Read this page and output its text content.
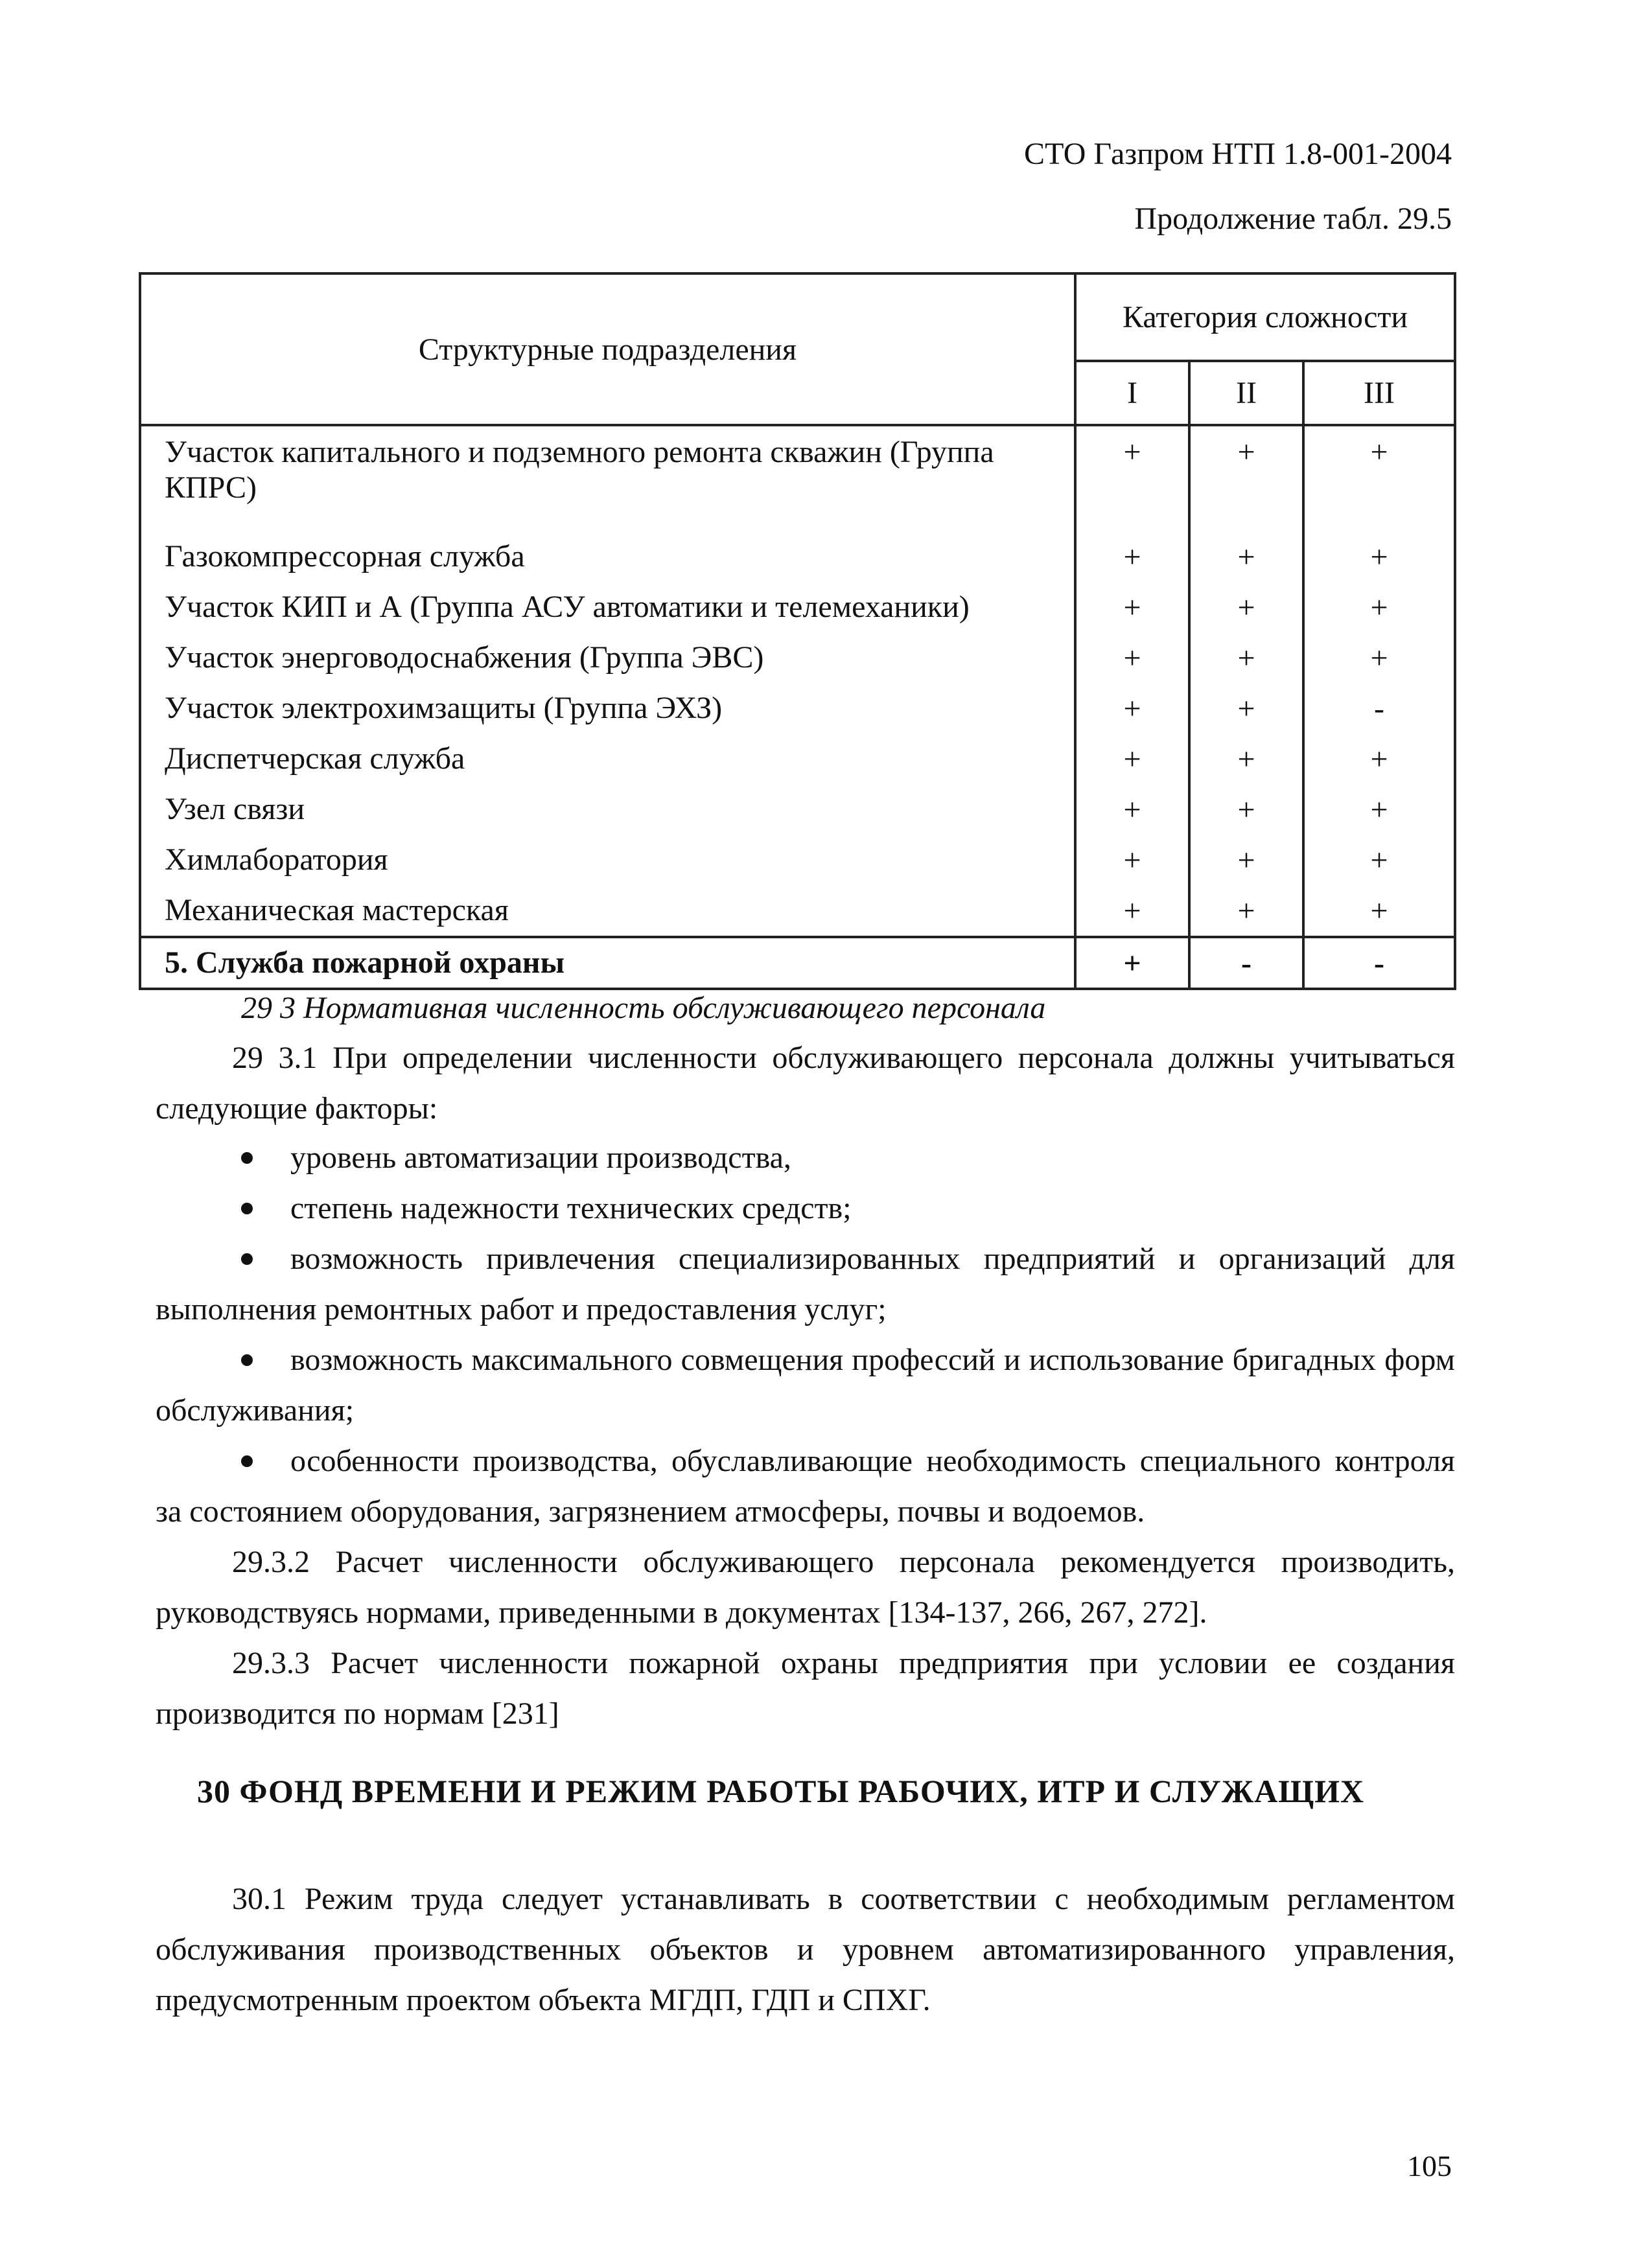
СТО Газпром НТП 1.8-001-2004
Продолжение табл. 29.5
Структурные подразделения	Категория сложности		
	I	II	III
Участок капитального и подземного ремонта скважин (Группа КПРС)	+	+	+
Газокомпрессорная служба	+	+	+
Участок КИП и А (Группа АСУ автоматики и телемеханики)	+	+	+
Участок энерговодоснабжения (Группа ЭВС)	+	+	+
Участок электрохимзащиты (Группа ЭХЗ)	+	+	-
Диспетчерская служба	+	+	+
Узел связи	+	+	+
Химлаборатория	+	+	+
Механическая мастерская	+	+	+
5. Служба пожарной охраны	+	-	-
29 3 Нормативная численность обслуживающего персонала

29 3.1 При определении численности обслуживающего персонала должны учитываться следующие факторы:

уровень автоматизации производства,
степень надежности технических средств;
возможность привлечения специализированных предприятий и организаций для выполнения ремонтных работ и предоставления услуг;
возможность максимального совмещения профессий и использование бригадных форм обслуживания;
особенности производства, обуславливающие необходимость специального контроля за состоянием оборудования, загрязнением атмосферы, почвы и водоемов.

29.3.2 Расчет численности обслуживающего персонала рекомендуется производить, руководствуясь нормами, приведенными в документах [134-137, 266, 267, 272].

29.3.3 Расчет численности пожарной охраны предприятия при условии ее создания производится по нормам [231]

30 ФОНД ВРЕМЕНИ И РЕЖИМ РАБОТЫ РАБОЧИХ, ИТР И СЛУЖАЩИХ

30.1 Режим труда следует устанавливать в соответствии с необходимым регламентом обслуживания производственных объектов и уровнем автоматизированного управления, предусмотренным проектом объекта МГДП, ГДП и СПХГ.

105
